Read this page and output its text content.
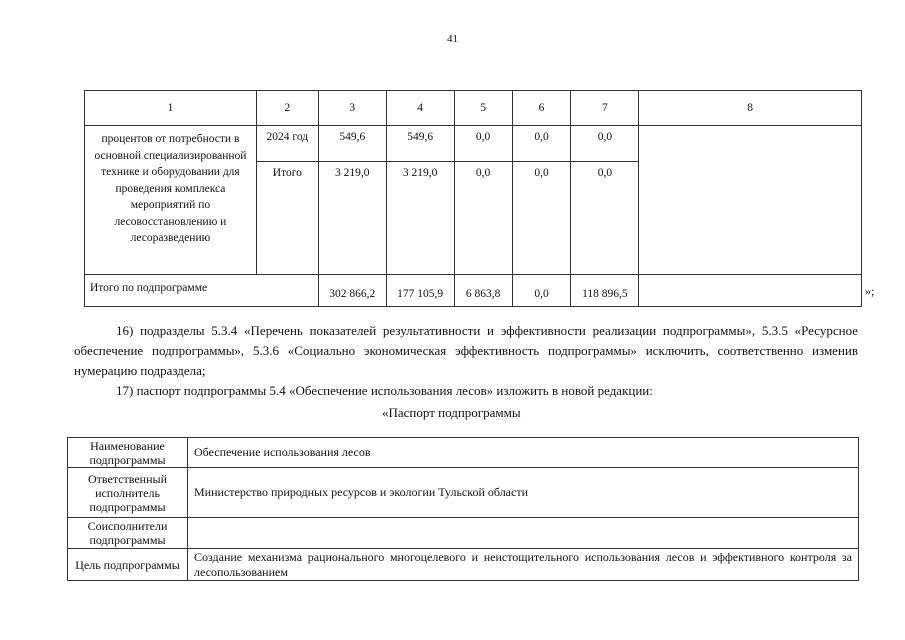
41
1	2	3	4	5	6	7	8
процентов от потребности в основной специализированной технике и оборудовании для проведения комплекса мероприятий по лесовосстановлению и лесоразведению	2024 год	549,6	549,6	0,0	0,0	0,0	
	Итого	3 219,0	3 219,0	0,0	0,0	0,0	
Итого по подпрограмме		302 866,2	177 105,9	6 863,8	0,0	118 896,5		»;

16) подразделы 5.3.4 «Перечень показателей результативности и эффективности реализации подпрограммы», 5.3.5 «Ресурсное обеспечение подпрограммы», 5.3.6 «Социально экономическая эффективность подпрограммы» исключить, соответственно изменив нумерацию подраздела;

17) паспорт подпрограммы 5.4 «Обеспечение использования лесов» изложить в новой редакции:

«Паспорт подпрограммы
Наименование подпрограммы	Обеспечение использования лесов
Ответственный исполнитель подпрограммы	Министерство природных ресурсов и экологии Тульской области
Соисполнители подпрограммы	
Цель подпрограммы	Создание механизма рационального многоцелевого и неистощительного использования лесов и эффективного контроля за лесопользованием
